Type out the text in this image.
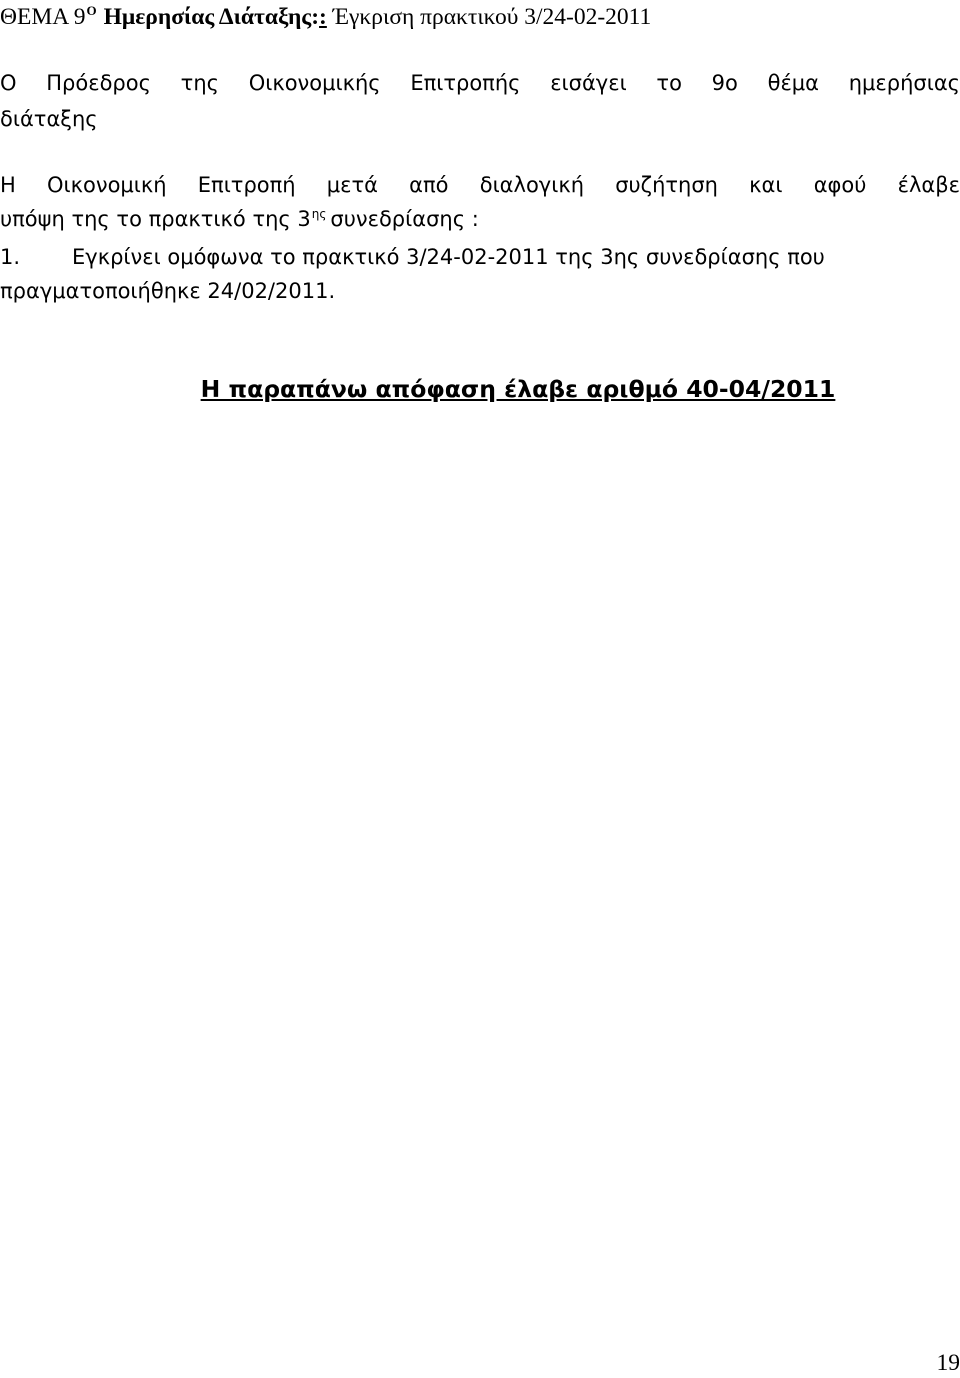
ΘΕΜΑ $9^O$ Ημερησίας Διάταξης:: Έγκριση πρακτικού 3/24-02-2011
Ο Πρόεδρος της Οικονομικής Επιτροπής εισάγει το 9ο θέμα ημερήσιας
διάταξης
Η Οικονομική Επιτροπή μετά από διαλογική συζήτηση και αφού έλαβε
υπόψη της το πρακτικό της $3^{\eta\varsigma}$ συνεδρίασης :
1. Εγκρίνει ομόφωνα το πρακτικό 3/24-02-2011 της 3ης συνεδρίασης που
πραγματοποιήθηκε 24/02/2011.
Η παραπάνω απόφαση έλαβε αριθμό 40-04/2011
19
